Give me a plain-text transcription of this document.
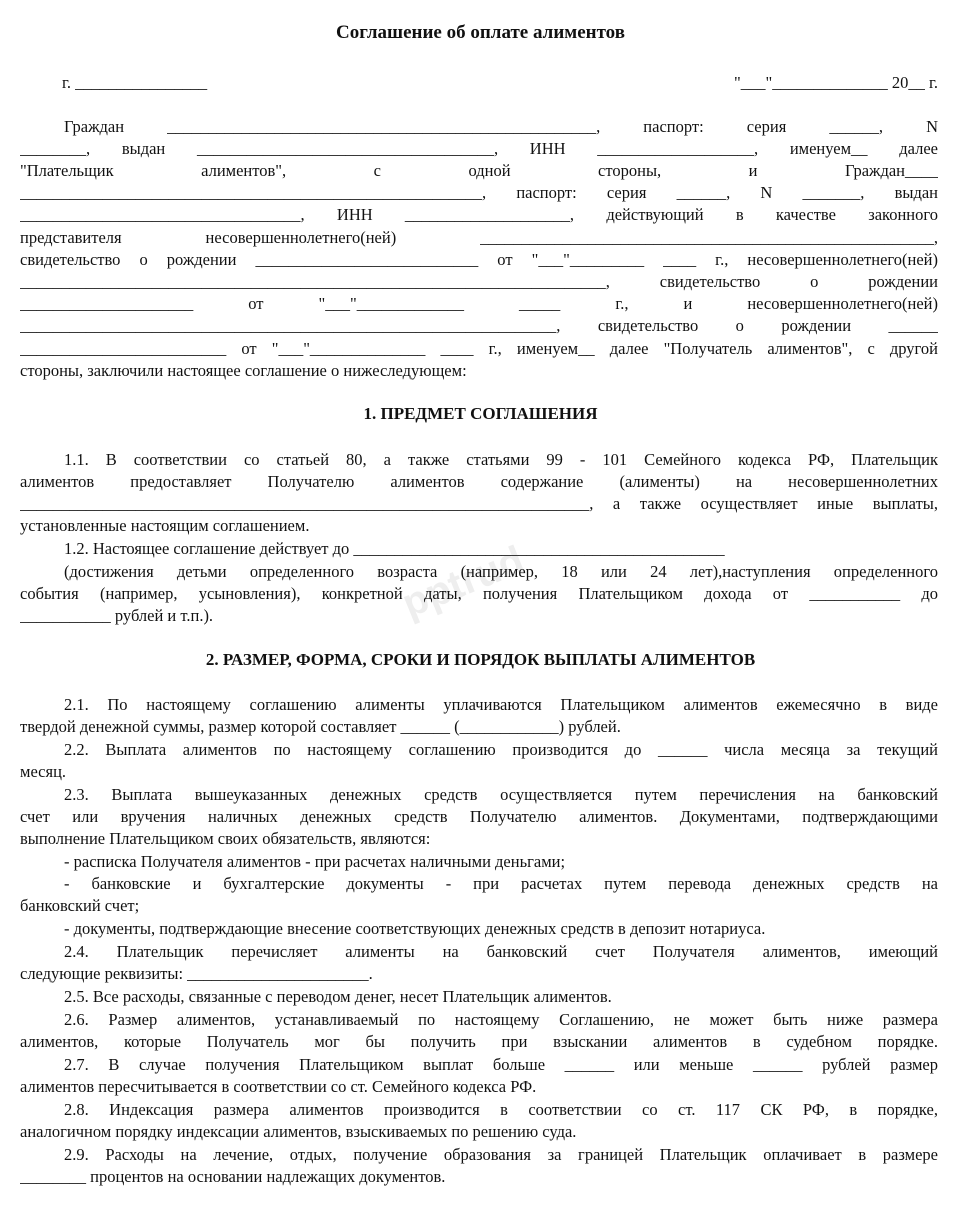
pptrud
Соглашение об оплате алиментов
г. ________________	"___"______________ 20__ г.
Граждан ____________________________________________________, паспорт: серия ______, N
________, выдан ____________________________________, ИНН ___________________, именуем__ далее
"Плательщик алиментов", с одной стороны, и Граждан____
________________________________________________________, паспорт: серия ______, N _______, выдан
__________________________________, ИНН ____________________, действующий в качестве законного
представителя несовершеннолетнего(ней) _______________________________________________________,
свидетельство о рождении ___________________________ от "___"_________ ____ г., несовершеннолетнего(ней)
_______________________________________________________________________, свидетельство о рождении
_____________________ от "___"_____________ _____ г., и несовершеннолетнего(ней)
_________________________________________________________________, свидетельство о рождении ______
_________________________ от "___"______________ ____ г., именуем__ далее "Получатель алиментов", с другой
стороны, заключили настоящее соглашение о нижеследующем:
1. ПРЕДМЕТ СОГЛАШЕНИЯ
1.1. В соответствии со статьей 80, а также статьями 99 - 101 Семейного кодекса РФ, Плательщик
алиментов предоставляет Получателю алиментов содержание (алименты) на несовершеннолетних
_____________________________________________________________________, а также осуществляет иные выплаты,
установленные настоящим соглашением.
1.2. Настоящее соглашение действует до _____________________________________________
(достижения детьми определенного возраста (например, 18 или 24 лет),наступления определенного
события (например, усыновления), конкретной даты, получения Плательщиком дохода от ___________ до
___________ рублей и т.п.).
2. РАЗМЕР, ФОРМА, СРОКИ И ПОРЯДОК ВЫПЛАТЫ АЛИМЕНТОВ
2.1. По настоящему соглашению алименты уплачиваются Плательщиком алиментов ежемесячно в виде
твердой денежной суммы, размер которой составляет ______ (____________) рублей.
2.2. Выплата алиментов по настоящему соглашению производится до ______ числа месяца за текущий
месяц.
2.3. Выплата вышеуказанных денежных средств осуществляется путем перечисления на банковский
счет или вручения наличных денежных средств Получателю алиментов. Документами, подтверждающими
выполнение Плательщиком своих обязательств, являются:
- расписка Получателя алиментов - при расчетах наличными деньгами;
- банковские и бухгалтерские документы - при расчетах путем перевода денежных средств на
банковский счет;
- документы, подтверждающие внесение соответствующих денежных средств в депозит нотариуса.
2.4. Плательщик перечисляет алименты на банковский счет Получателя алиментов, имеющий
следующие реквизиты: ______________________.
2.5. Все расходы, связанные с переводом денег, несет Плательщик алиментов.
2.6. Размер алиментов, устанавливаемый по настоящему Соглашению, не может быть ниже размера
алиментов, которые Получатель мог бы получить при взыскании алиментов в судебном порядке.
2.7. В случае получения Плательщиком выплат больше ______ или меньше ______ рублей размер
алиментов пересчитывается в соответствии со ст. Семейного кодекса РФ.
2.8. Индексация размера алиментов производится в соответствии со ст. 117 СК РФ, в порядке,
аналогичном порядку индексации алиментов, взыскиваемых по решению суда.
2.9. Расходы на лечение, отдых, получение образования за границей Плательщик оплачивает в размере
________ процентов на основании надлежащих документов.
